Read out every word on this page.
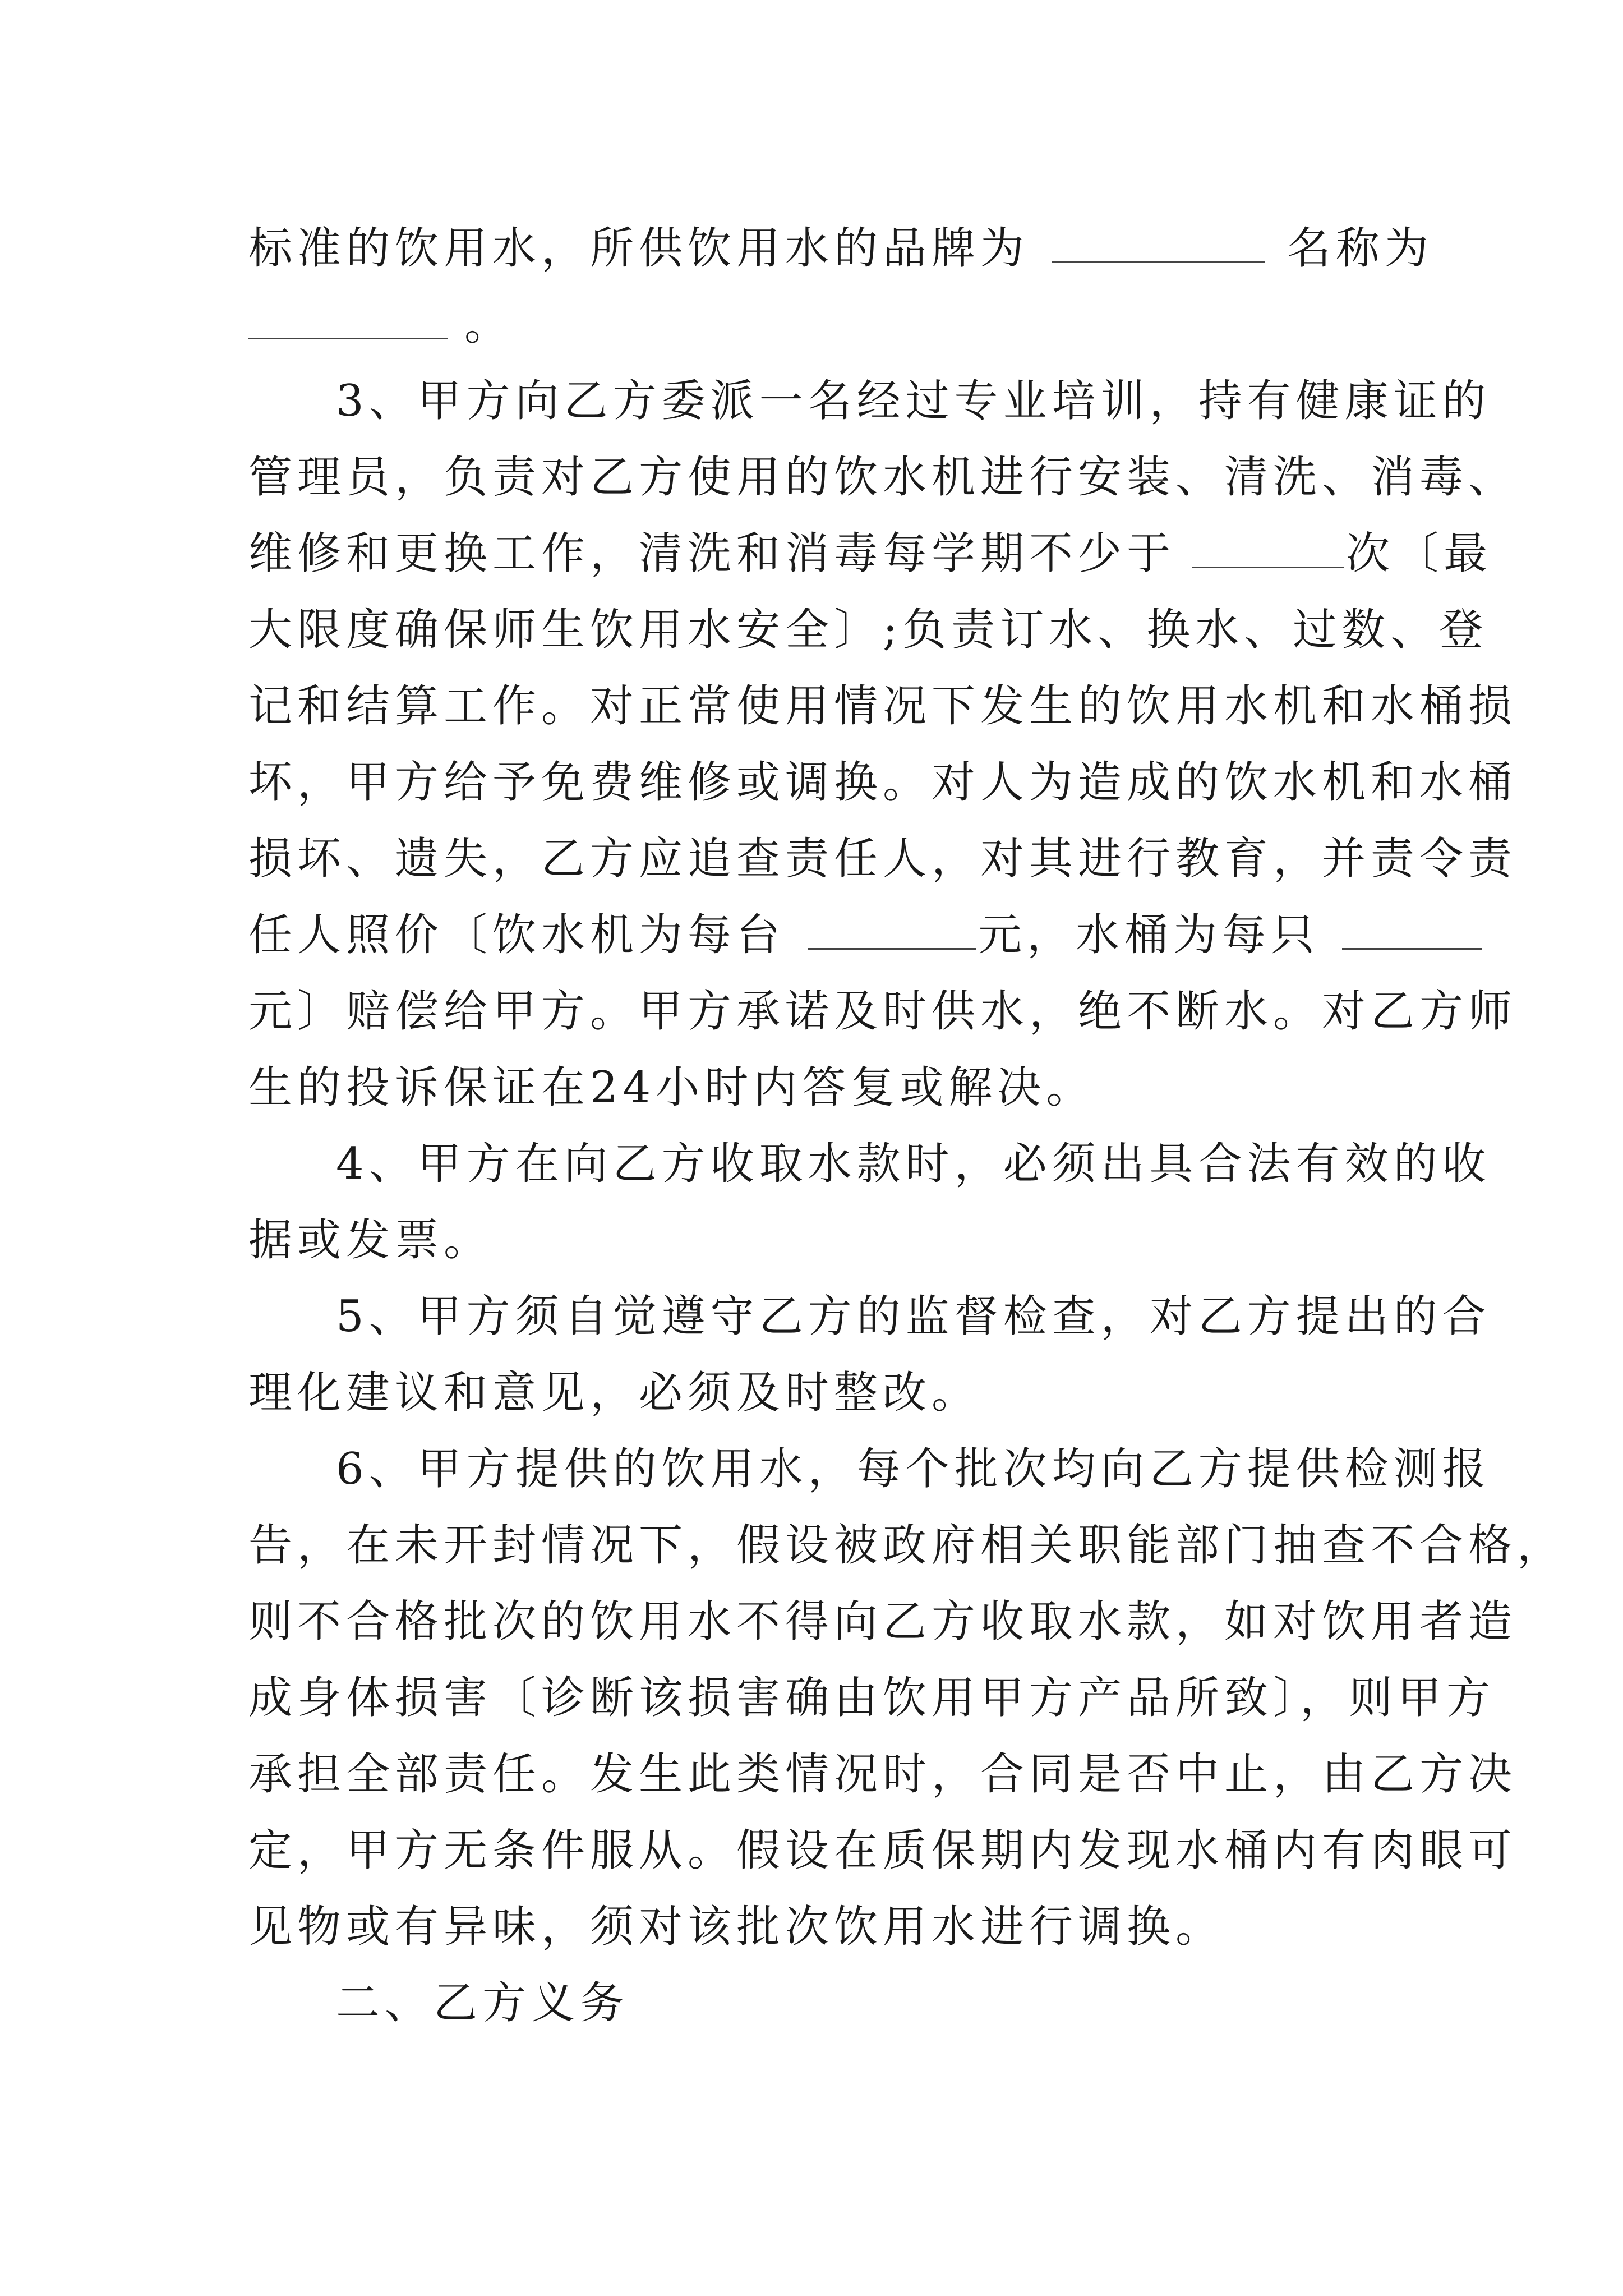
标准的饮用水，所供饮用水的品牌为	名称为
。
3、甲方向乙方委派一名经过专业培训，持有健康证的
管理员，负责对乙方使用的饮水机进行安装、清洗、消毒、
维修和更换工作，清洗和消毒每学期不少于	次〔最
大限度确保师生饮用水安全〕;负责订水、换水、过数、登
记和结算工作。对正常使用情况下发生的饮用水机和水桶损
坏，甲方给予免费维修或调换。对人为造成的饮水机和水桶
损坏、遗失，乙方应追查责任人，对其进行教育，并责令责
任人照价〔饮水机为每台	元，水桶为每只
元〕赔偿给甲方。甲方承诺及时供水，绝不断水。对乙方师
生的投诉保证在24小时内答复或解决。
4、甲方在向乙方收取水款时，必须出具合法有效的收
据或发票。
5、甲方须自觉遵守乙方的监督检查，对乙方提出的合
理化建议和意见，必须及时整改。
6、甲方提供的饮用水，每个批次均向乙方提供检测报
告，在未开封情况下，假设被政府相关职能部门抽查不合格，
则不合格批次的饮用水不得向乙方收取水款，如对饮用者造
成身体损害〔诊断该损害确由饮用甲方产品所致〕，则甲方
承担全部责任。发生此类情况时，合同是否中止，由乙方决
定，甲方无条件服从。假设在质保期内发现水桶内有肉眼可
见物或有异味，须对该批次饮用水进行调换。
二、乙方义务
